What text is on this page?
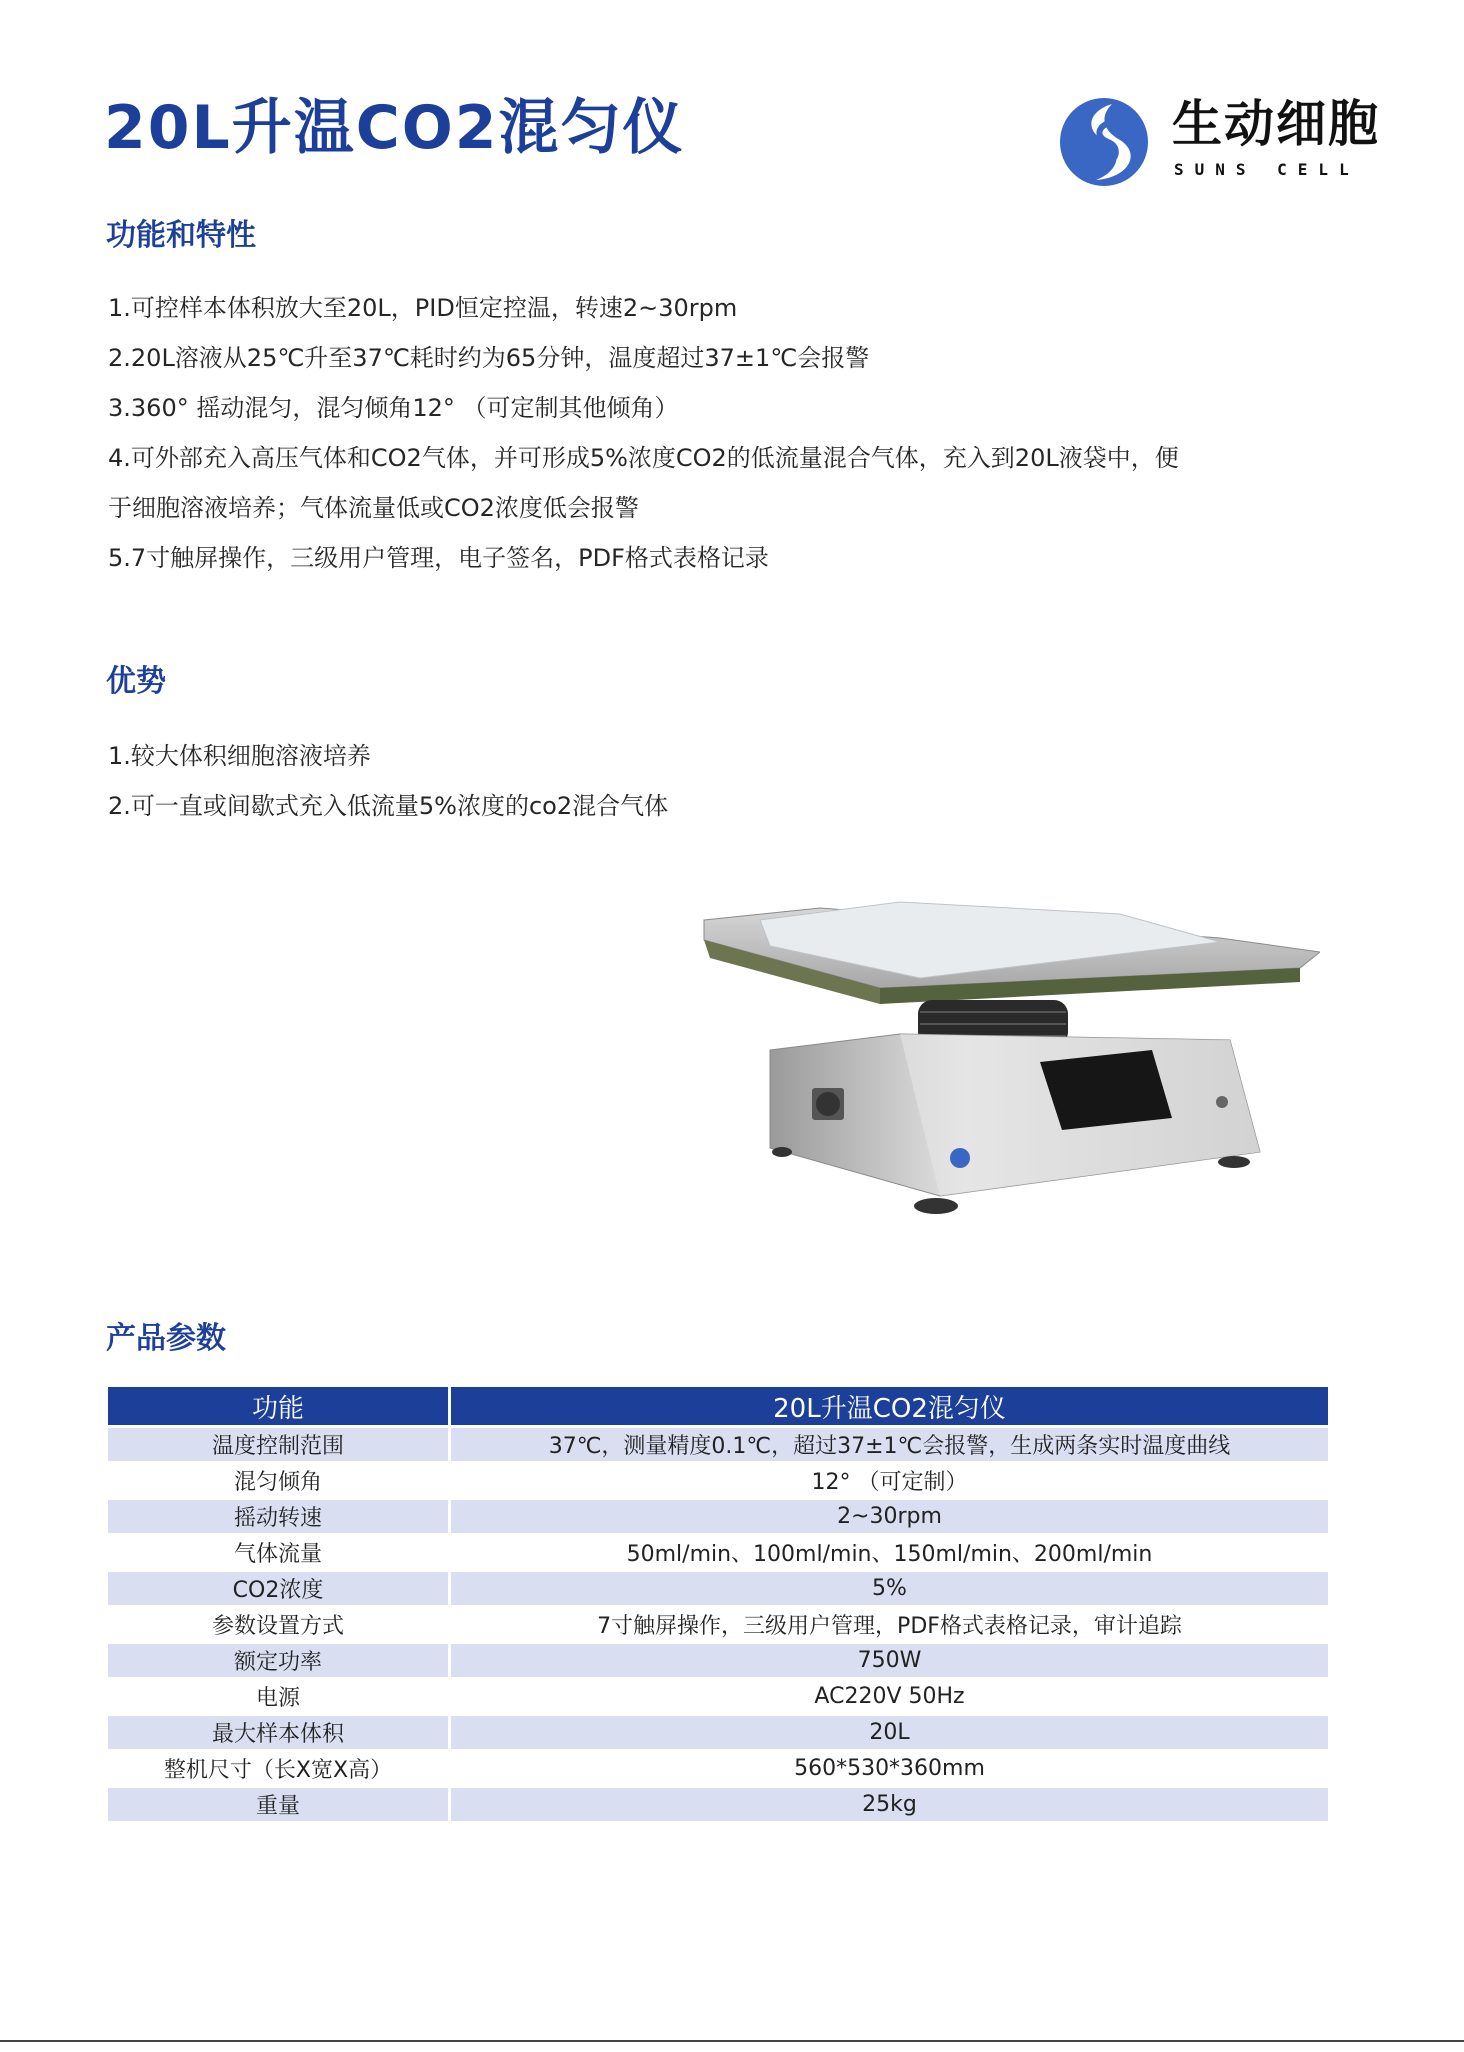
20L升温CO2混匀仪	生动细胞
SUNS CELL
功能和特性
1.可控样本体积放大至20L，PID恒定控温，转速2~30rpm
2.20L溶液从25℃升至37℃耗时约为65分钟，温度超过37±1℃会报警
3.360° 摇动混匀，混匀倾角12° （可定制其他倾角）
4.可外部充入高压气体和CO2气体，并可形成5%浓度CO2的低流量混合气体，充入到20L液袋中，便
于细胞溶液培养；气体流量低或CO2浓度低会报警
5.7寸触屏操作，三级用户管理，电子签名，PDF格式表格记录
优势
1.较大体积细胞溶液培养
2.可一直或间歇式充入低流量5%浓度的co2混合气体
产品参数
功能	20L升温CO2混匀仪
温度控制范围	37℃，测量精度0.1℃，超过37±1℃会报警，生成两条实时温度曲线
混匀倾角	12° （可定制）
摇动转速	2~30rpm
气体流量	50ml/min、100ml/min、150ml/min、200ml/min
CO2浓度	5%
参数设置方式	7寸触屏操作，三级用户管理，PDF格式表格记录，审计追踪
额定功率	750W
电源	AC220V 50Hz
最大样本体积	20L
整机尺寸（长X宽X高）	560*530*360mm
重量	25kg
